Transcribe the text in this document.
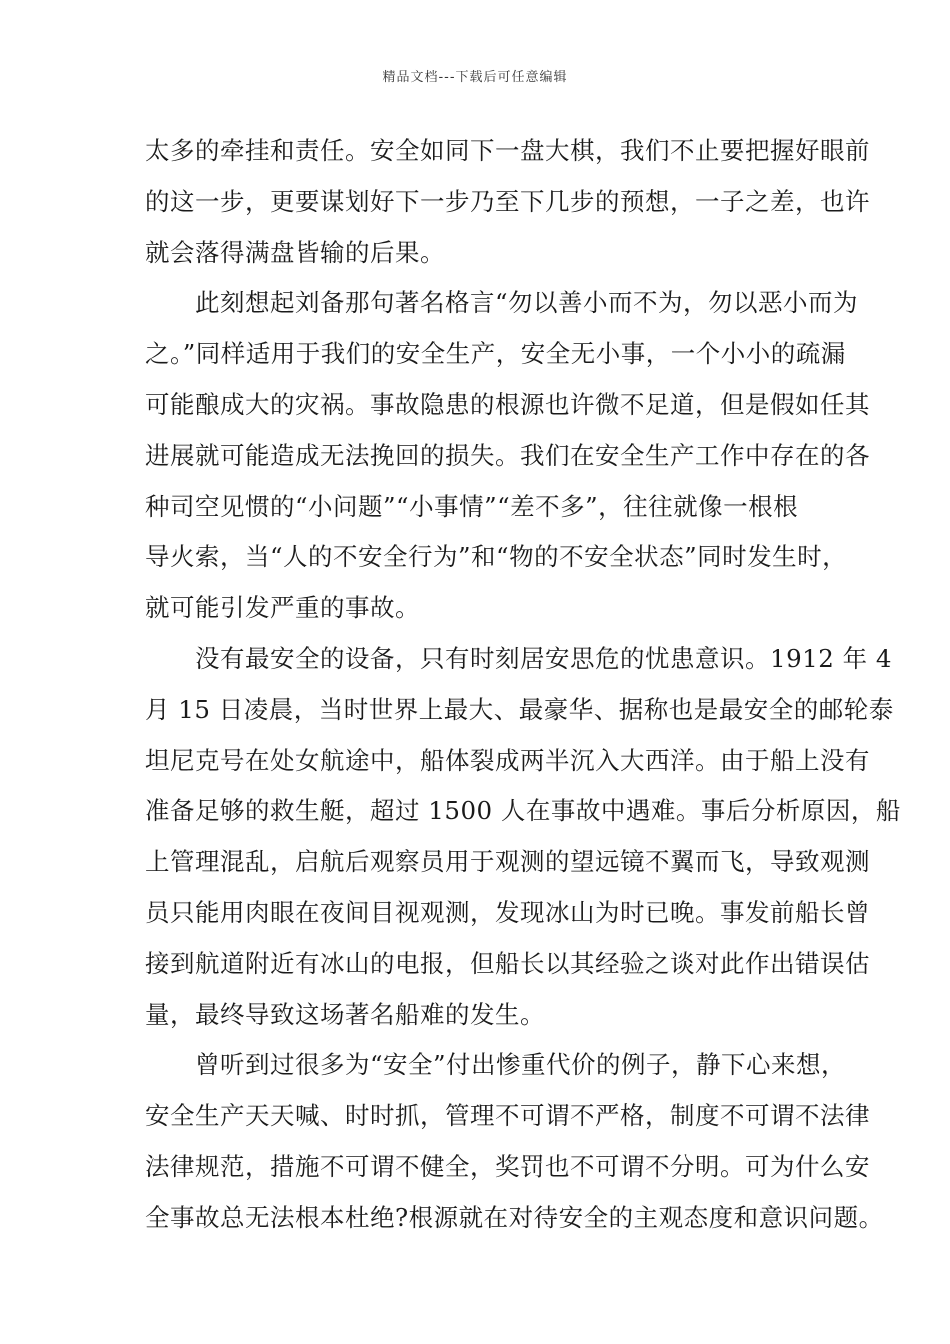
精品文档---下载后可任意编辑
太多的牵挂和责任。安全如同下一盘大棋，我们不止要把握好眼前
的这一步，更要谋划好下一步乃至下几步的预想，一子之差，也许
就会落得满盘皆输的后果。
　　此刻想起刘备那句著名格言“勿以善小而不为，勿以恶小而为
之。”同样适用于我们的安全生产，安全无小事，一个小小的疏漏
可能酿成大的灾祸。事故隐患的根源也许微不足道，但是假如任其
进展就可能造成无法挽回的损失。我们在安全生产工作中存在的各
种司空见惯的“小问题”“小事情”“差不多”，往往就像一根根
导火索，当“人的不安全行为”和“物的不安全状态”同时发生时，
就可能引发严重的事故。
　　没有最安全的设备，只有时刻居安思危的忧患意识。1912 年 4
月 15 日凌晨，当时世界上最大、最豪华、据称也是最安全的邮轮泰
坦尼克号在处女航途中，船体裂成两半沉入大西洋。由于船上没有
准备足够的救生艇，超过 1500 人在事故中遇难。事后分析原因，船
上管理混乱，启航后观察员用于观测的望远镜不翼而飞，导致观测
员只能用肉眼在夜间目视观测，发现冰山为时已晚。事发前船长曾
接到航道附近有冰山的电报，但船长以其经验之谈对此作出错误估
量，最终导致这场著名船难的发生。
　　曾听到过很多为“安全”付出惨重代价的例子，静下心来想，
安全生产天天喊、时时抓，管理不可谓不严格，制度不可谓不法律
法律规范，措施不可谓不健全，奖罚也不可谓不分明。可为什么安
全事故总无法根本杜绝?根源就在对待安全的主观态度和意识问题。
